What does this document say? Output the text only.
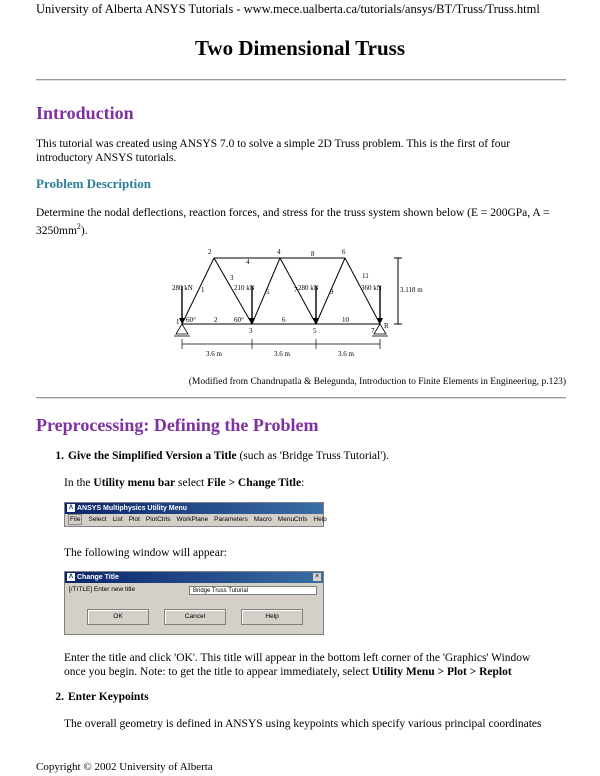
University of Alberta ANSYS Tutorials - www.mece.ualberta.ca/tutorials/ansys/BT/Truss/Truss.html
Two Dimensional Truss
Introduction
This tutorial was created using ANSYS 7.0 to solve a simple 2D Truss problem. This is the first of four introductory ANSYS tutorials.
Problem Description
Determine the nodal deflections, reaction forces, and stress for the truss system shown below (E = 200GPa, $A = 3250mm^2$).
280 kN	210 kN	280 kN	360 kN	3.118 m
3.6 m	3.6 m	3.6 m
60°	60°
1
2
3
4
5
6
7
R
1
2
3
4
5
6
7
8
9
10
11
(Modified from Chandrupatla & Belegunda, Introduction to Finite Elements in Engineering, p.123)
Preprocessing: Defining the Problem
1. Give the Simplified Version a Title (such as 'Bridge Truss Tutorial').
In the Utility menu bar select File > Change Title:
Λ ANSYS Multiphysics Utility Menu
File Select List Plot PlotCtrls WorkPlane Parameters Macro MenuCtrls Help
The following window will appear:
Λ Change Title	×
[/TITLE] Enter new title	Bridge Truss Tutorial
OK	Cancel	Help
Enter the title and click 'OK'. This title will appear in the bottom left corner of the 'Graphics' Window once you begin. Note: to get the title to appear immediately, select Utility Menu > Plot > Replot
2. Enter Keypoints
The overall geometry is defined in ANSYS using keypoints which specify various principal coordinates
Copyright © 2002 University of Alberta
